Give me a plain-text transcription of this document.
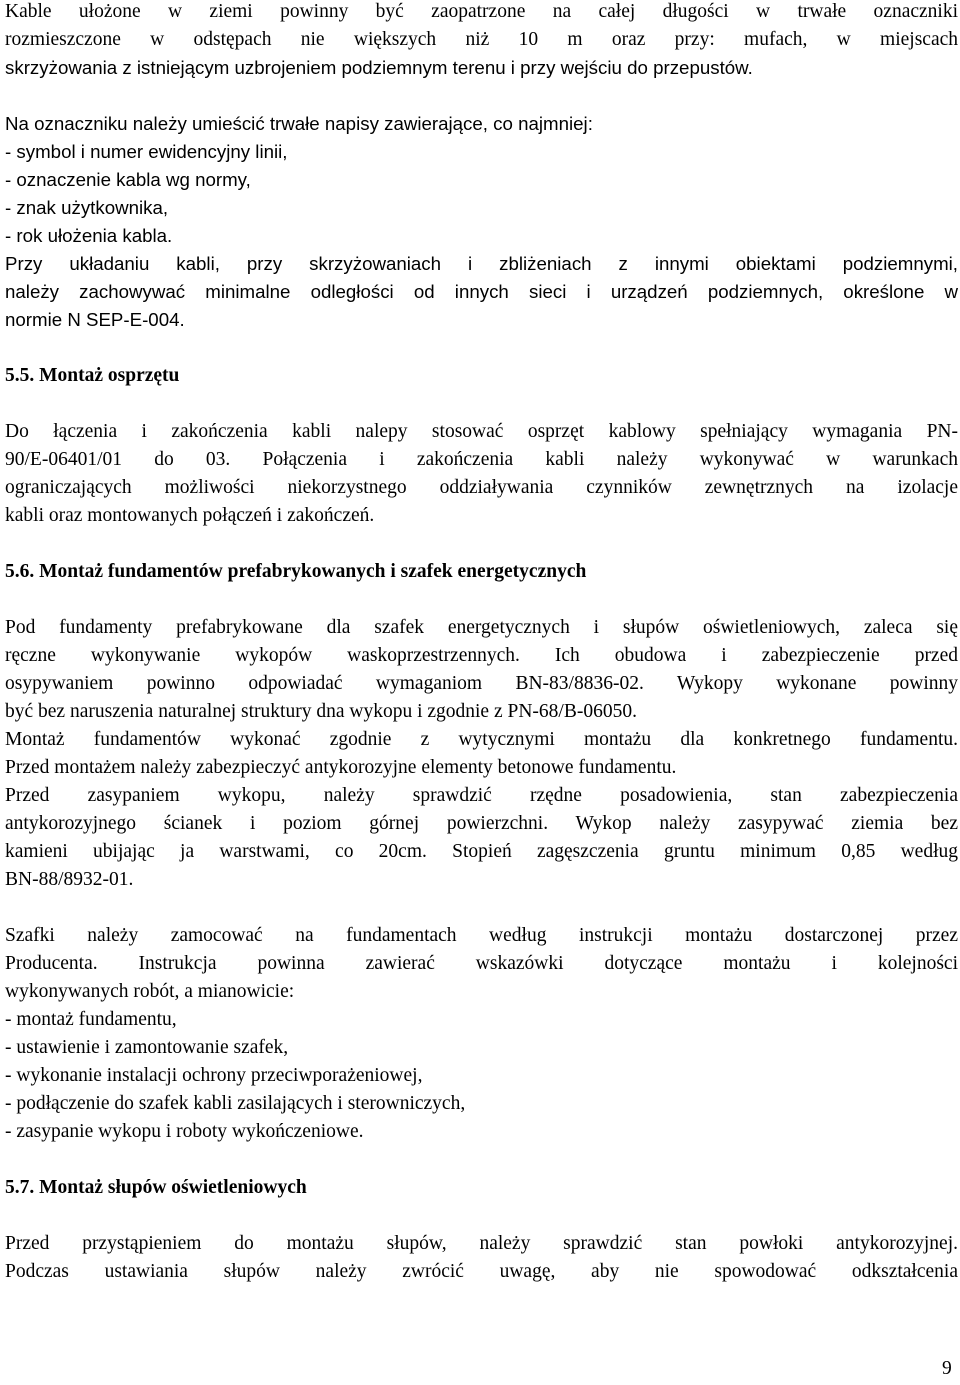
Kable ułożone w ziemi powinny być zaopatrzone na całej długości w trwałe oznaczniki
rozmieszczone w odstępach nie większych niż 10 m oraz przy: mufach, w miejscach
skrzyżowania z istniejącym uzbrojeniem podziemnym terenu i przy wejściu do przepustów.
Na oznaczniku należy umieścić trwałe napisy zawierające, co najmniej:
- symbol i numer ewidencyjny linii,
- oznaczenie kabla wg normy,
- znak użytkownika,
- rok ułożenia kabla.
Przy układaniu kabli, przy skrzyżowaniach i zbliżeniach z innymi obiektami podziemnymi,
należy zachowywać minimalne odległości od innych sieci i urządzeń podziemnych, określone w
normie N SEP-E-004.
5.5. Montaż osprzętu
Do łączenia i zakończenia kabli nalepy stosować osprzęt kablowy spełniający wymagania PN-
90/E-06401/01 do 03. Połączenia i zakończenia kabli należy wykonywać w warunkach
ograniczających możliwości niekorzystnego oddziaływania czynników zewnętrznych na izolacje
kabli oraz montowanych połączeń i zakończeń.
5.6. Montaż fundamentów prefabrykowanych i szafek energetycznych
Pod fundamenty prefabrykowane dla szafek energetycznych i słupów oświetleniowych, zaleca się
ręczne wykonywanie wykopów waskoprzestrzennych. Ich obudowa i zabezpieczenie przed
osypywaniem powinno odpowiadać wymaganiom BN-83/8836-02. Wykopy wykonane powinny
być bez naruszenia naturalnej struktury dna wykopu i zgodnie z PN-68/B-06050.
Montaż fundamentów wykonać zgodnie z wytycznymi montażu dla konkretnego fundamentu.
Przed montażem należy zabezpieczyć antykorozyjne elementy betonowe fundamentu.
Przed zasypaniem wykopu, należy sprawdzić rzędne posadowienia, stan zabezpieczenia
antykorozyjnego ścianek i poziom górnej powierzchni. Wykop należy zasypywać ziemia bez
kamieni ubijając ja warstwami, co 20cm. Stopień zagęszczenia gruntu minimum 0,85 według
BN-88/8932-01.
Szafki należy zamocować na fundamentach według instrukcji montażu dostarczonej przez
Producenta. Instrukcja powinna zawierać wskazówki dotyczące montażu i kolejności
wykonywanych robót, a mianowicie:
- montaż fundamentu,
- ustawienie i zamontowanie szafek,
- wykonanie instalacji ochrony przeciwporażeniowej,
- podłączenie do szafek kabli zasilających i sterowniczych,
- zasypanie wykopu i roboty wykończeniowe.
5.7. Montaż słupów oświetleniowych
Przed przystąpieniem do montażu słupów, należy sprawdzić stan powłoki antykorozyjnej.
Podczas ustawiania słupów należy zwrócić uwagę, aby nie spowodować odkształcenia
9
